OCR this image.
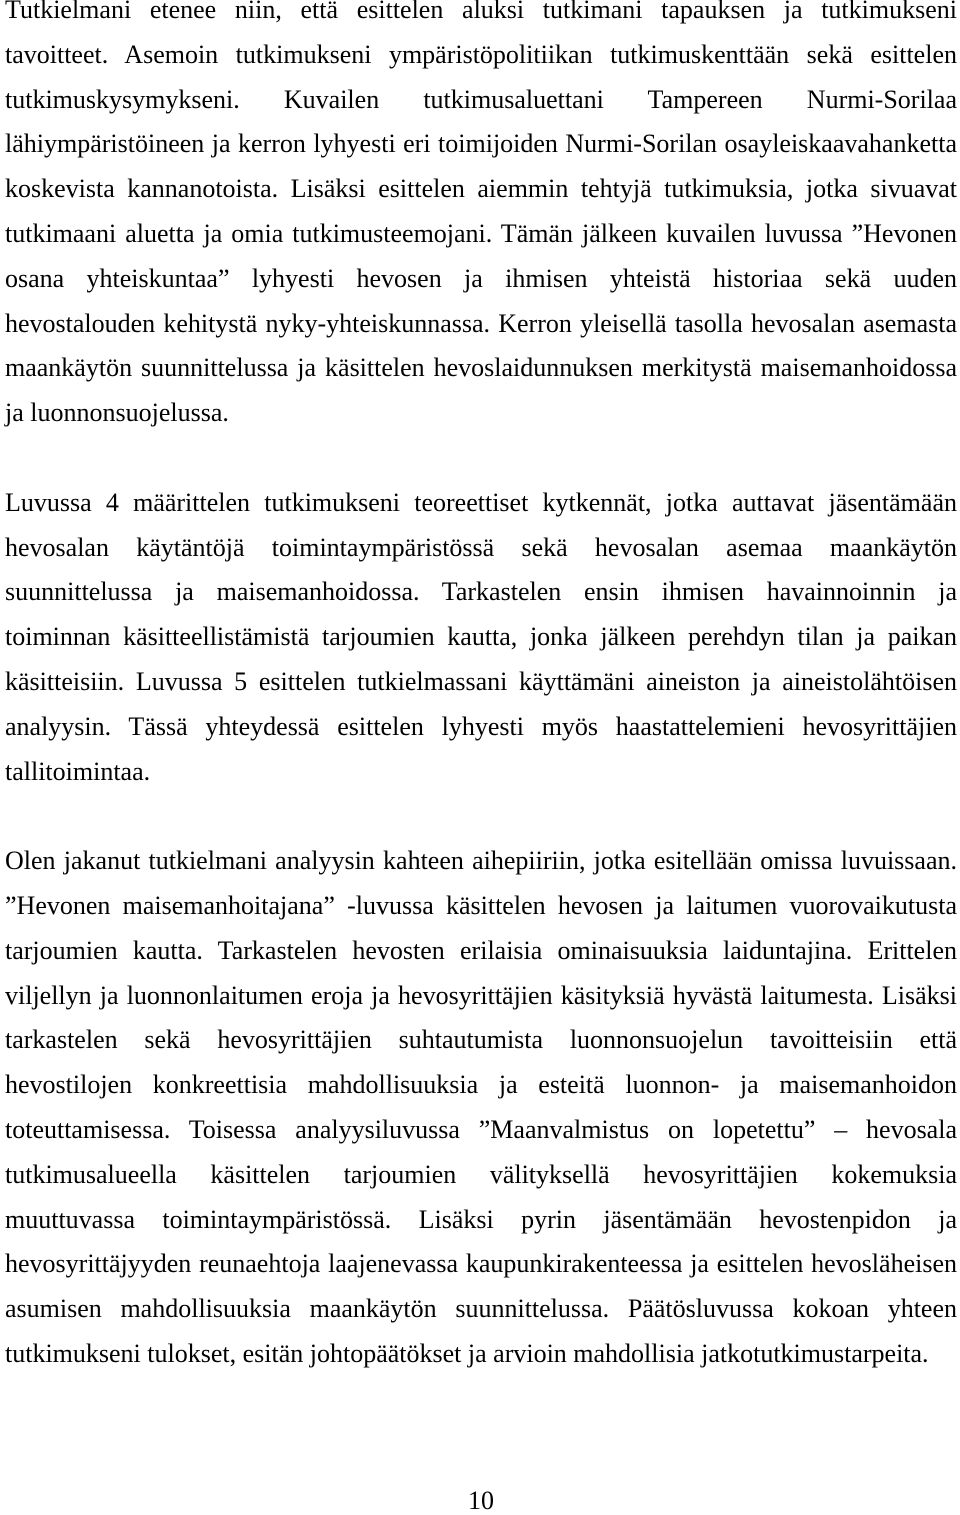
Tutkielmani etenee niin, että esittelen aluksi tutkimani tapauksen ja tutkimukseni
tavoitteet. Asemoin tutkimukseni ympäristöpolitiikan tutkimuskenttään sekä esittelen
tutkimuskysymykseni. Kuvailen tutkimusaluettani Tampereen Nurmi-Sorilaa
lähiympäristöineen ja kerron lyhyesti eri toimijoiden Nurmi-Sorilan osayleiskaavahanketta
koskevista kannanotoista. Lisäksi esittelen aiemmin tehtyjä tutkimuksia, jotka sivuavat
tutkimaani aluetta ja omia tutkimusteemojani. Tämän jälkeen kuvailen luvussa ”Hevonen
osana yhteiskuntaa” lyhyesti hevosen ja ihmisen yhteistä historiaa sekä uuden
hevostalouden kehitystä nyky-yhteiskunnassa. Kerron yleisellä tasolla hevosalan asemasta
maankäytön suunnittelussa ja käsittelen hevoslaidunnuksen merkitystä maisemanhoidossa
ja luonnonsuojelussa.
Luvussa 4 määrittelen tutkimukseni teoreettiset kytkennät, jotka auttavat jäsentämään
hevosalan käytäntöjä toimintaympäristössä sekä hevosalan asemaa maankäytön
suunnittelussa ja maisemanhoidossa. Tarkastelen ensin ihmisen havainnoinnin ja
toiminnan käsitteellistämistä tarjoumien kautta, jonka jälkeen perehdyn tilan ja paikan
käsitteisiin. Luvussa 5 esittelen tutkielmassani käyttämäni aineiston ja aineistolähtöisen
analyysin. Tässä yhteydessä esittelen lyhyesti myös haastattelemieni hevosyrittäjien
tallitoimintaa.
Olen jakanut tutkielmani analyysin kahteen aihepiiriin, jotka esitellään omissa luvuissaan.
”Hevonen maisemanhoitajana” -luvussa käsittelen hevosen ja laitumen vuorovaikutusta
tarjoumien kautta. Tarkastelen hevosten erilaisia ominaisuuksia laiduntajina. Erittelen
viljellyn ja luonnonlaitumen eroja ja hevosyrittäjien käsityksiä hyvästä laitumesta. Lisäksi
tarkastelen sekä hevosyrittäjien suhtautumista luonnonsuojelun tavoitteisiin että
hevostilojen konkreettisia mahdollisuuksia ja esteitä luonnon- ja maisemanhoidon
toteuttamisessa. Toisessa analyysiluvussa ”Maanvalmistus on lopetettu” – hevosala
tutkimusalueella käsittelen tarjoumien välityksellä hevosyrittäjien kokemuksia
muuttuvassa toimintaympäristössä. Lisäksi pyrin jäsentämään hevostenpidon ja
hevosyrittäjyyden reunaehtoja laajenevassa kaupunkirakenteessa ja esittelen hevosläheisen
asumisen mahdollisuuksia maankäytön suunnittelussa. Päätösluvussa kokoan yhteen
tutkimukseni tulokset, esitän johtopäätökset ja arvioin mahdollisia jatkotutkimustarpeita.
10
